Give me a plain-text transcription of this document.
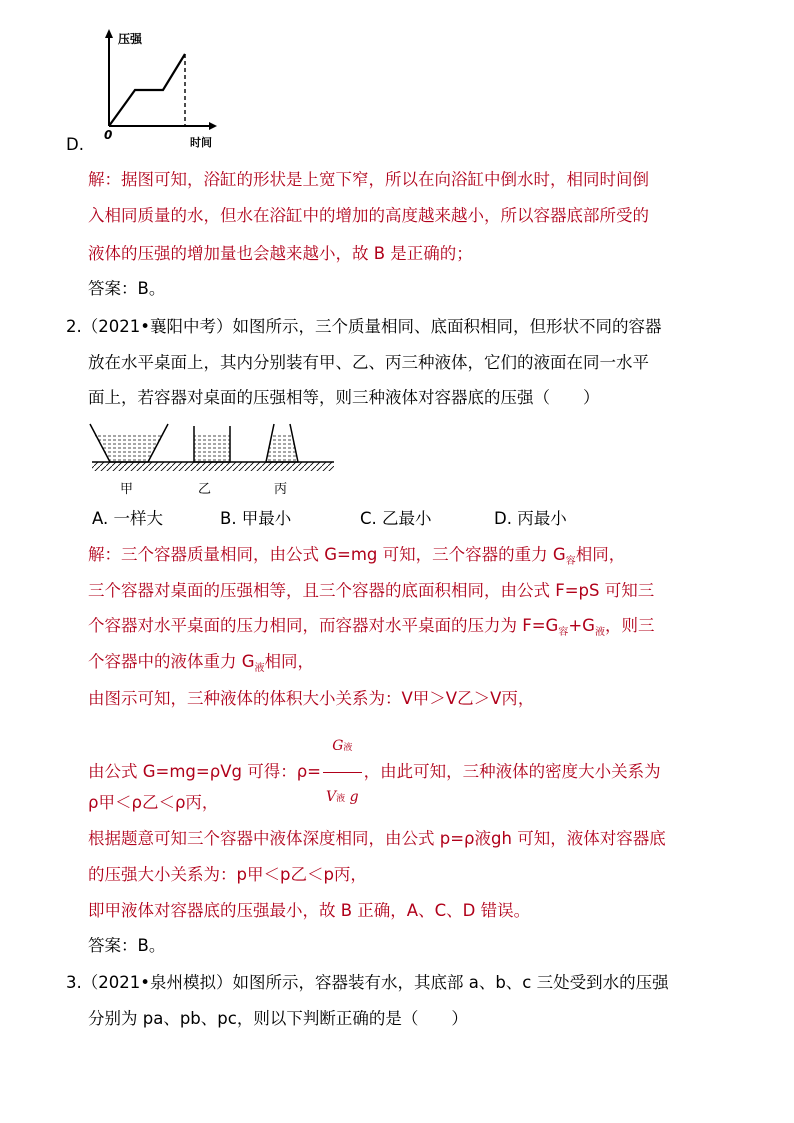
压强
0
时间
D.
解：据图可知，浴缸的形状是上宽下窄，所以在向浴缸中倒水时，相同时间倒
入相同质量的水，但水在浴缸中的增加的高度越来越小，所以容器底部所受的
液体的压强的增加量也会越来越小，故 B 是正确的；
答案：B。
2.（2021•襄阳中考）如图所示，三个质量相同、底面积相同，但形状不同的容器
放在水平桌面上，其内分别装有甲、乙、丙三种液体，它们的液面在同一水平
面上，若容器对桌面的压强相等，则三种液体对容器底的压强（　　）
甲	乙	丙
A. 一样大	B. 甲最小	C. 乙最小	D. 丙最小
解：三个容器质量相同，由公式 G=mg 可知，三个容器的重力 $G_容$相同，
三个容器对桌面的压强相等，且三个容器的底面积相同，由公式 F=pS 可知三
个容器对水平桌面的压力相同，而容器对水平桌面的压力为 $F=G_容+G_液$，则三
个容器中的液体重力 $G_液$相同，
由图示可知，三种液体的体积大小关系为：V甲＞V乙＞V丙，
由公式 G=mg=ρVg 可得：$\rho= \frac{\text{G液}}{\text{V液 g}}$ ，由此可知，三种液体的密度大小关系为
ρ甲＜ρ乙＜ρ丙，
根据题意可知三个容器中液体深度相同，由公式 p=ρ液gh 可知，液体对容器底
的压强大小关系为：p甲＜p乙＜p丙，
即甲液体对容器底的压强最小，故 B 正确，A、C、D 错误。
答案：B。
3.（2021•泉州模拟）如图所示，容器装有水，其底部 a、b、c 三处受到水的压强
分别为 pa、pb、pc，则以下判断正确的是（　　）
